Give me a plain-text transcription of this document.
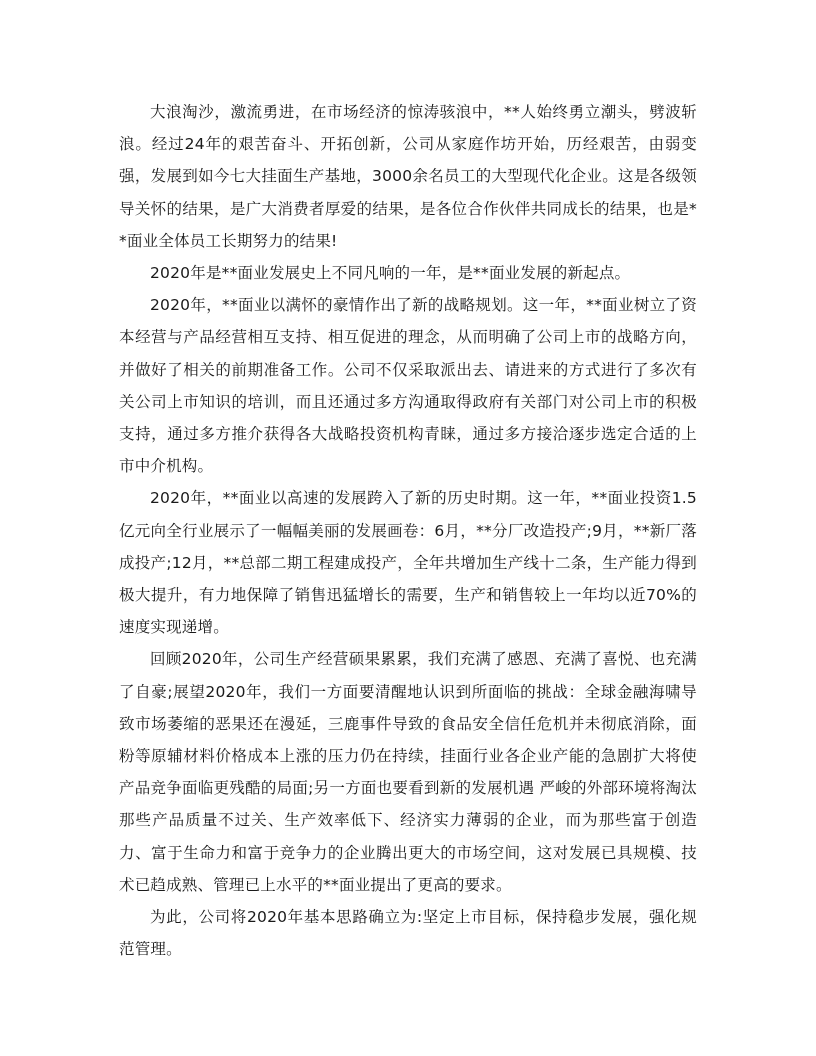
大浪淘沙，激流勇进，在市场经济的惊涛骇浪中，**人始终勇立潮头，劈波斩浪。经过24年的艰苦奋斗、开拓创新，公司从家庭作坊开始，历经艰苦，由弱变强，发展到如今七大挂面生产基地，3000余名员工的大型现代化企业。这是各级领导关怀的结果，是广大消费者厚爱的结果，是各位合作伙伴共同成长的结果，也是**面业全体员工长期努力的结果!

2020年是**面业发展史上不同凡响的一年，是**面业发展的新起点。

2020年，**面业以满怀的豪情作出了新的战略规划。这一年，**面业树立了资本经营与产品经营相互支持、相互促进的理念，从而明确了公司上市的战略方向，并做好了相关的前期准备工作。公司不仅采取派出去、请进来的方式进行了多次有关公司上市知识的培训，而且还通过多方沟通取得政府有关部门对公司上市的积极支持，通过多方推介获得各大战略投资机构青睐，通过多方接洽逐步选定合适的上市中介机构。

2020年，**面业以高速的发展跨入了新的历史时期。这一年，**面业投资1.5亿元向全行业展示了一幅幅美丽的发展画卷：6月，**分厂改造投产;9月，**新厂落成投产;12月，**总部二期工程建成投产，全年共增加生产线十二条，生产能力得到极大提升，有力地保障了销售迅猛增长的需要，生产和销售较上一年均以近70%的速度实现递增。

回顾2020年，公司生产经营硕果累累，我们充满了感恩、充满了喜悦、也充满了自豪;展望2020年，我们一方面要清醒地认识到所面临的挑战：全球金融海啸导致市场萎缩的恶果还在漫延，三鹿事件导致的食品安全信任危机并未彻底消除，面粉等原辅材料价格成本上涨的压力仍在持续，挂面行业各企业产能的急剧扩大将使产品竞争面临更残酷的局面;另一方面也要看到新的发展机遇 严峻的外部环境将淘汰那些产品质量不过关、生产效率低下、经济实力薄弱的企业，而为那些富于创造力、富于生命力和富于竞争力的企业腾出更大的市场空间，这对发展已具规模、技术已趋成熟、管理已上水平的**面业提出了更高的要求。

为此，公司将2020年基本思路确立为:坚定上市目标，保持稳步发展，强化规范管理。
